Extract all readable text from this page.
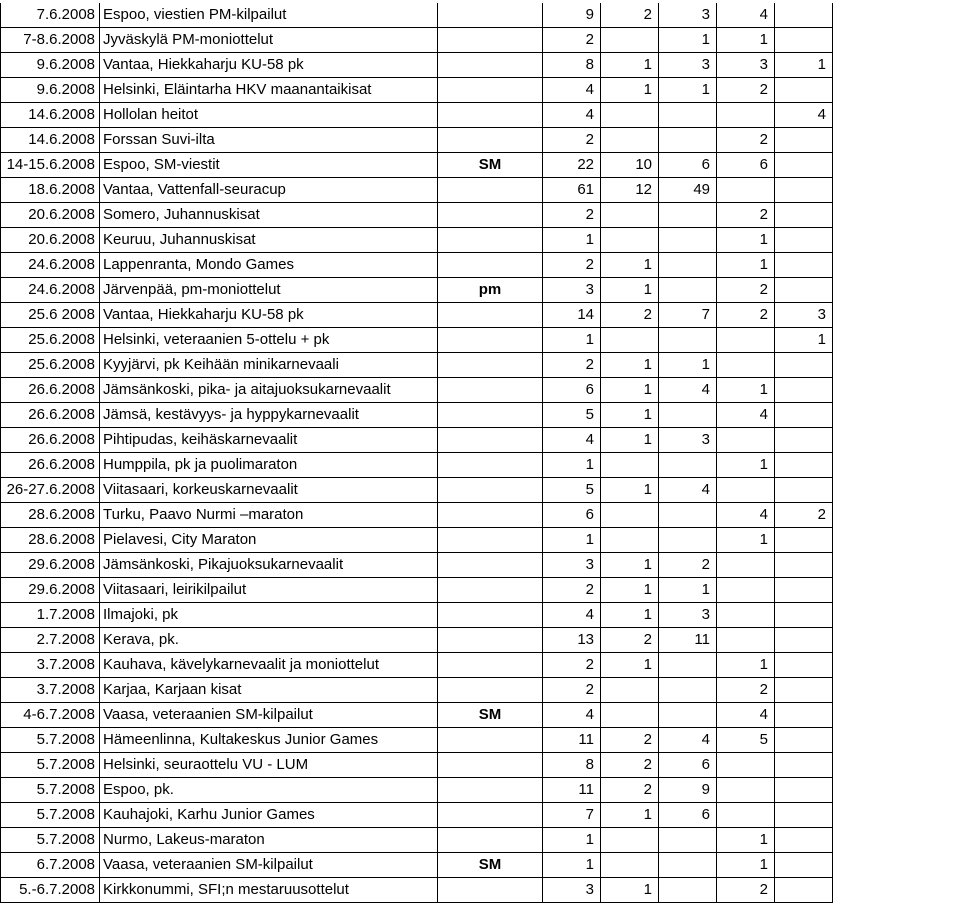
7.6.2008	Espoo, viestien PM-kilpailut		9	2	3	4	
7-8.6.2008	Jyväskylä PM-moniottelut		2		1	1	
9.6.2008	Vantaa, Hiekkaharju KU-58 pk		8	1	3	3	1
9.6.2008	Helsinki, Eläintarha HKV maanantaikisat		4	1	1	2	
14.6.2008	Hollolan heitot		4				4
14.6.2008	Forssan Suvi-ilta		2			2	
14-15.6.2008	Espoo, SM-viestit	SM	22	10	6	6	
18.6.2008	Vantaa, Vattenfall-seuracup		61	12	49		
20.6.2008	Somero, Juhannuskisat		2			2	
20.6.2008	Keuruu, Juhannuskisat		1			1	
24.6.2008	Lappenranta, Mondo Games		2	1		1	
24.6.2008	Järvenpää, pm-moniottelut	pm	3	1		2	
25.6 2008	Vantaa, Hiekkaharju KU-58 pk		14	2	7	2	3
25.6.2008	Helsinki, veteraanien 5-ottelu + pk		1				1
25.6.2008	Kyyjärvi, pk Keihään minikarnevaali		2	1	1		
26.6.2008	Jämsänkoski, pika- ja aitajuoksukarnevaalit		6	1	4	1	
26.6.2008	Jämsä, kestävyys- ja hyppykarnevaalit		5	1		4	
26.6.2008	Pihtipudas, keihäskarnevaalit		4	1	3		
26.6.2008	Humppila, pk ja puolimaraton		1			1	
26-27.6.2008	Viitasaari, korkeuskarnevaalit		5	1	4		
28.6.2008	Turku, Paavo Nurmi –maraton		6			4	2
28.6.2008	Pielavesi, City Maraton		1			1	
29.6.2008	Jämsänkoski, Pikajuoksukarnevaalit		3	1	2		
29.6.2008	Viitasaari, leirikilpailut		2	1	1		
1.7.2008	Ilmajoki, pk		4	1	3		
2.7.2008	Kerava, pk.		13	2	11		
3.7.2008	Kauhava, kävelykarnevaalit ja moniottelut		2	1		1	
3.7.2008	Karjaa, Karjaan kisat		2			2	
4-6.7.2008	Vaasa, veteraanien SM-kilpailut	SM	4			4	
5.7.2008	Hämeenlinna, Kultakeskus Junior Games		11	2	4	5	
5.7.2008	Helsinki, seuraottelu VU - LUM		8	2	6		
5.7.2008	Espoo, pk.		11	2	9		
5.7.2008	Kauhajoki, Karhu Junior Games		7	1	6		
5.7.2008	Nurmo, Lakeus-maraton		1			1	
6.7.2008	Vaasa, veteraanien SM-kilpailut	SM	1			1	
5.-6.7.2008	Kirkkonummi, SFI;n mestaruusottelut		3	1		2	
